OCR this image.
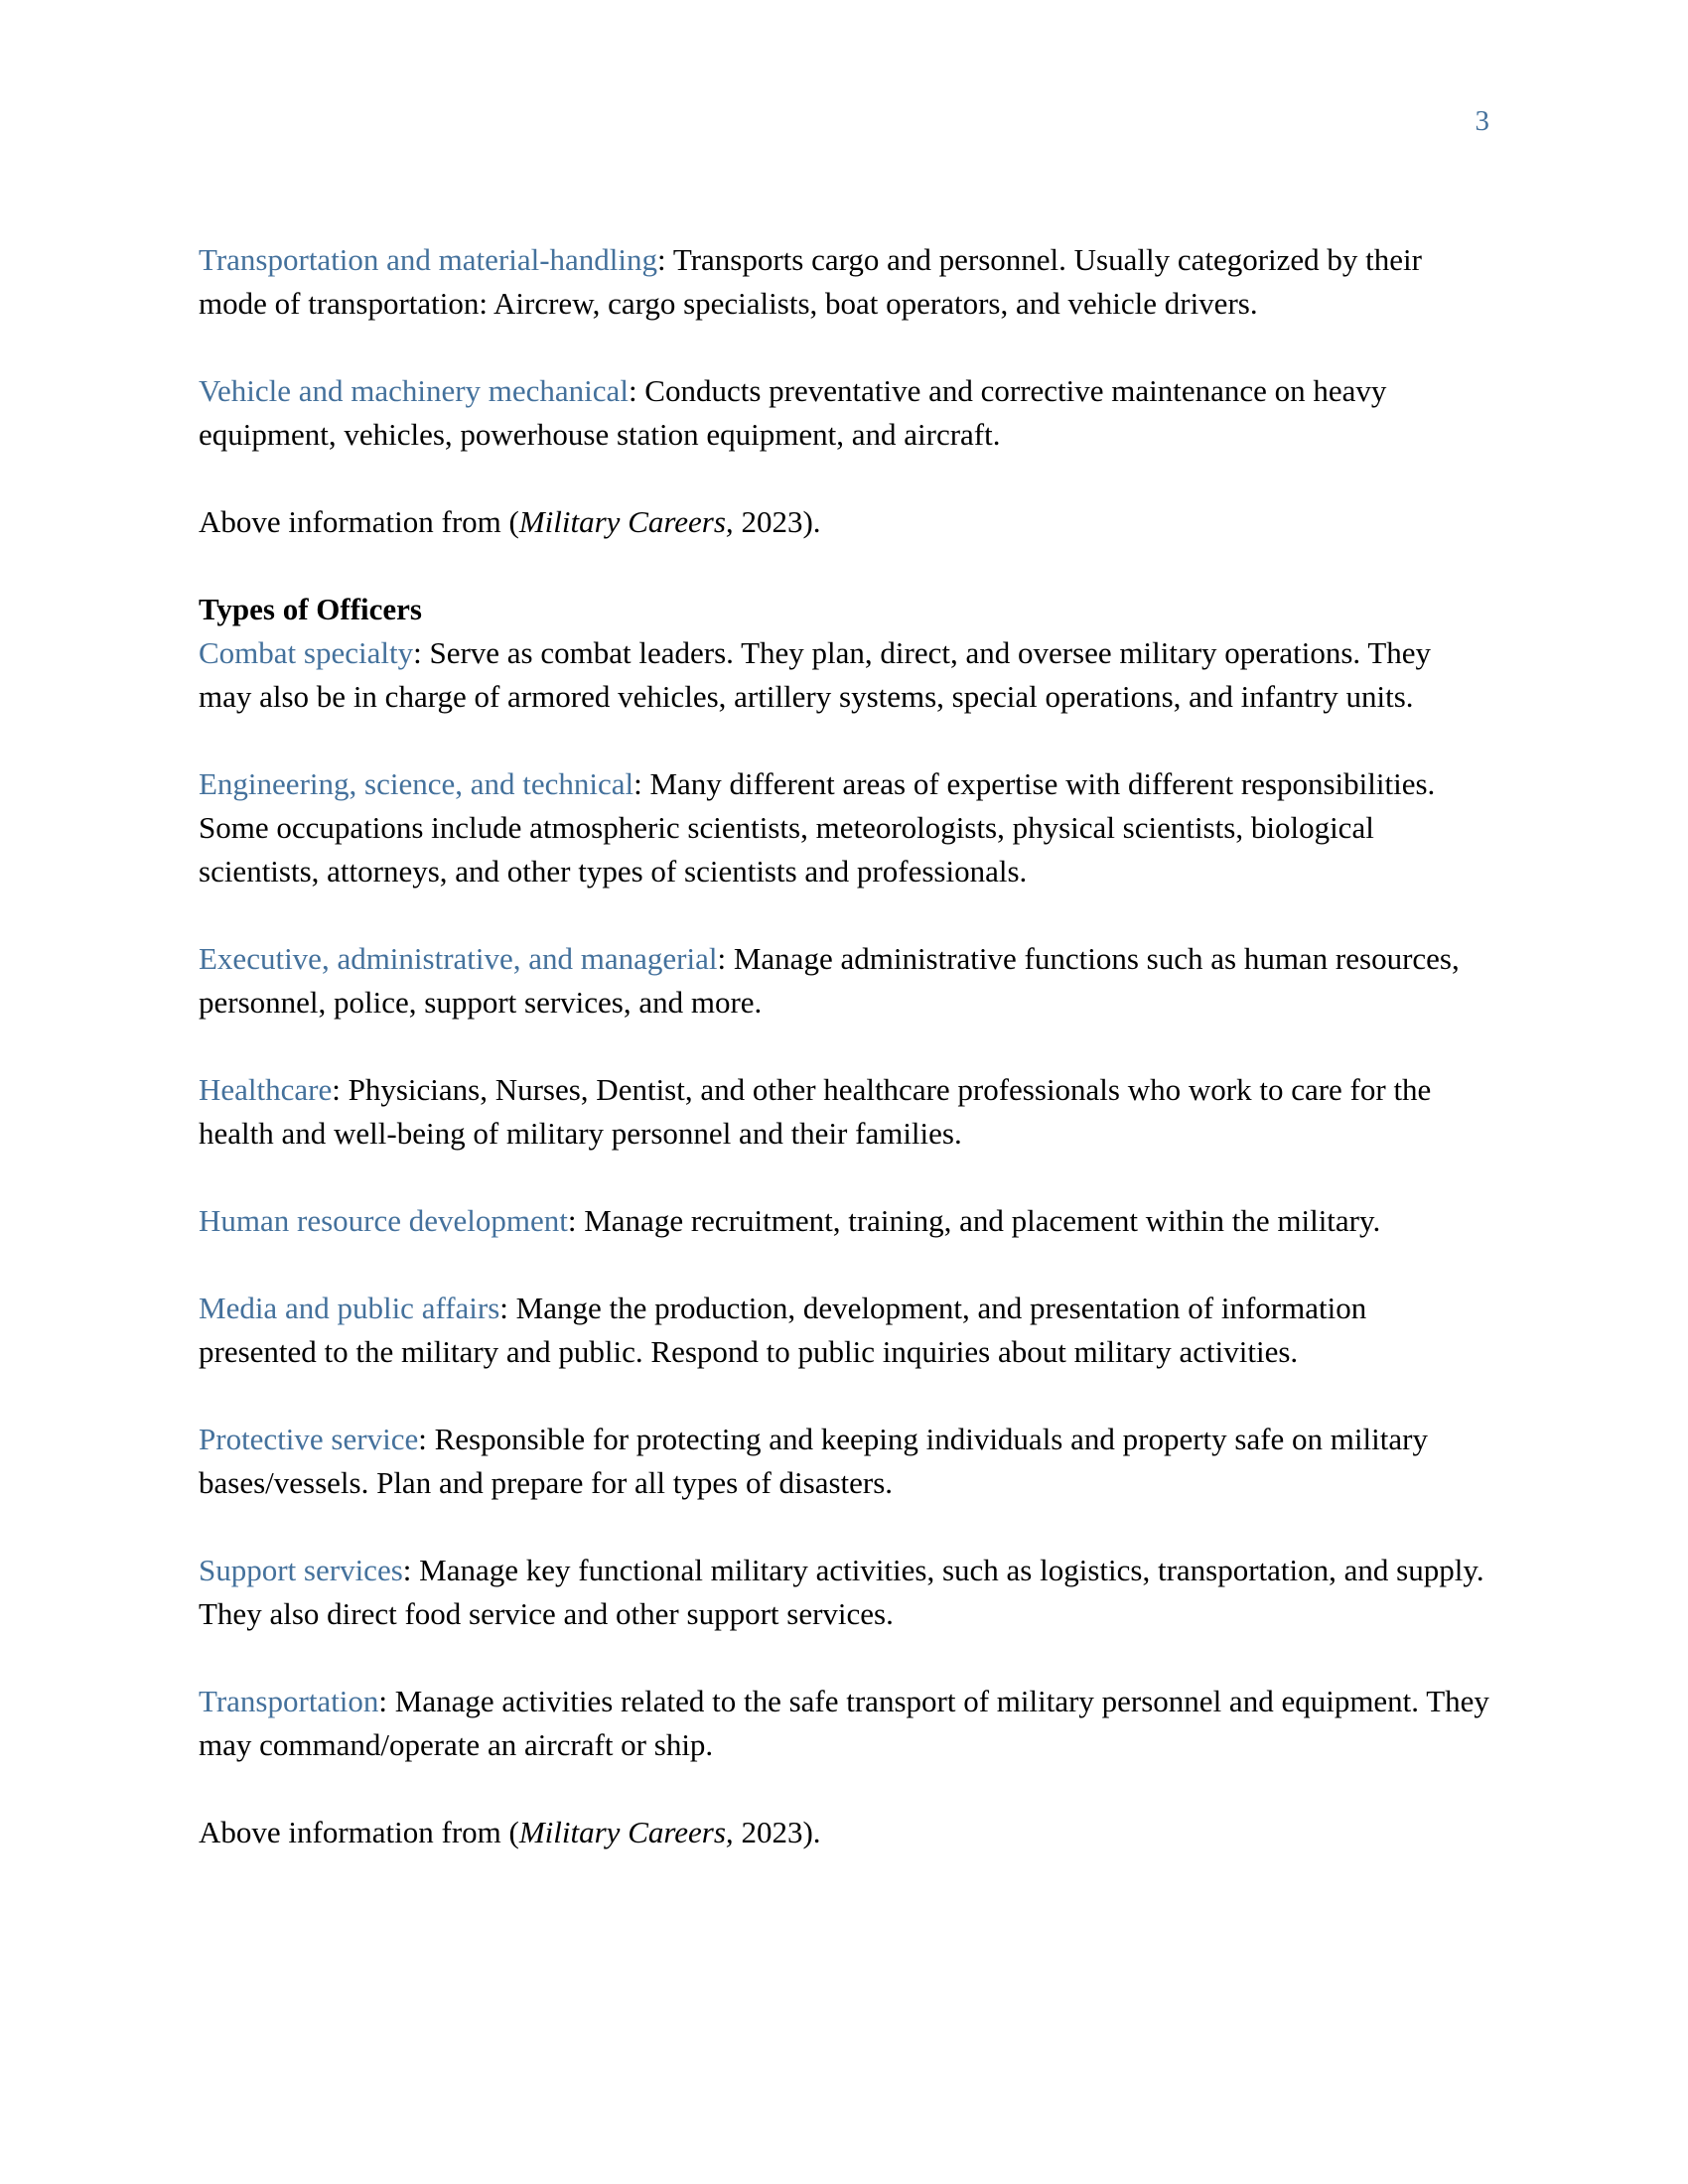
3

Transportation and material-handling: Transports cargo and personnel. Usually categorized by their mode of transportation: Aircrew, cargo specialists, boat operators, and vehicle drivers.

Vehicle and machinery mechanical: Conducts preventative and corrective maintenance on heavy equipment, vehicles, powerhouse station equipment, and aircraft.

Above information from (Military Careers, 2023).

Types of Officers

Combat specialty: Serve as combat leaders. They plan, direct, and oversee military operations. They may also be in charge of armored vehicles, artillery systems, special operations, and infantry units.

Engineering, science, and technical: Many different areas of expertise with different responsibilities. Some occupations include atmospheric scientists, meteorologists, physical scientists, biological scientists, attorneys, and other types of scientists and professionals.

Executive, administrative, and managerial: Manage administrative functions such as human resources, personnel, police, support services, and more.

Healthcare: Physicians, Nurses, Dentist, and other healthcare professionals who work to care for the health and well-being of military personnel and their families.

Human resource development: Manage recruitment, training, and placement within the military.

Media and public affairs: Mange the production, development, and presentation of information presented to the military and public. Respond to public inquiries about military activities.

Protective service: Responsible for protecting and keeping individuals and property safe on military bases/vessels. Plan and prepare for all types of disasters.

Support services: Manage key functional military activities, such as logistics, transportation, and supply. They also direct food service and other support services.

Transportation: Manage activities related to the safe transport of military personnel and equipment. They may command/operate an aircraft or ship.

Above information from (Military Careers, 2023).
